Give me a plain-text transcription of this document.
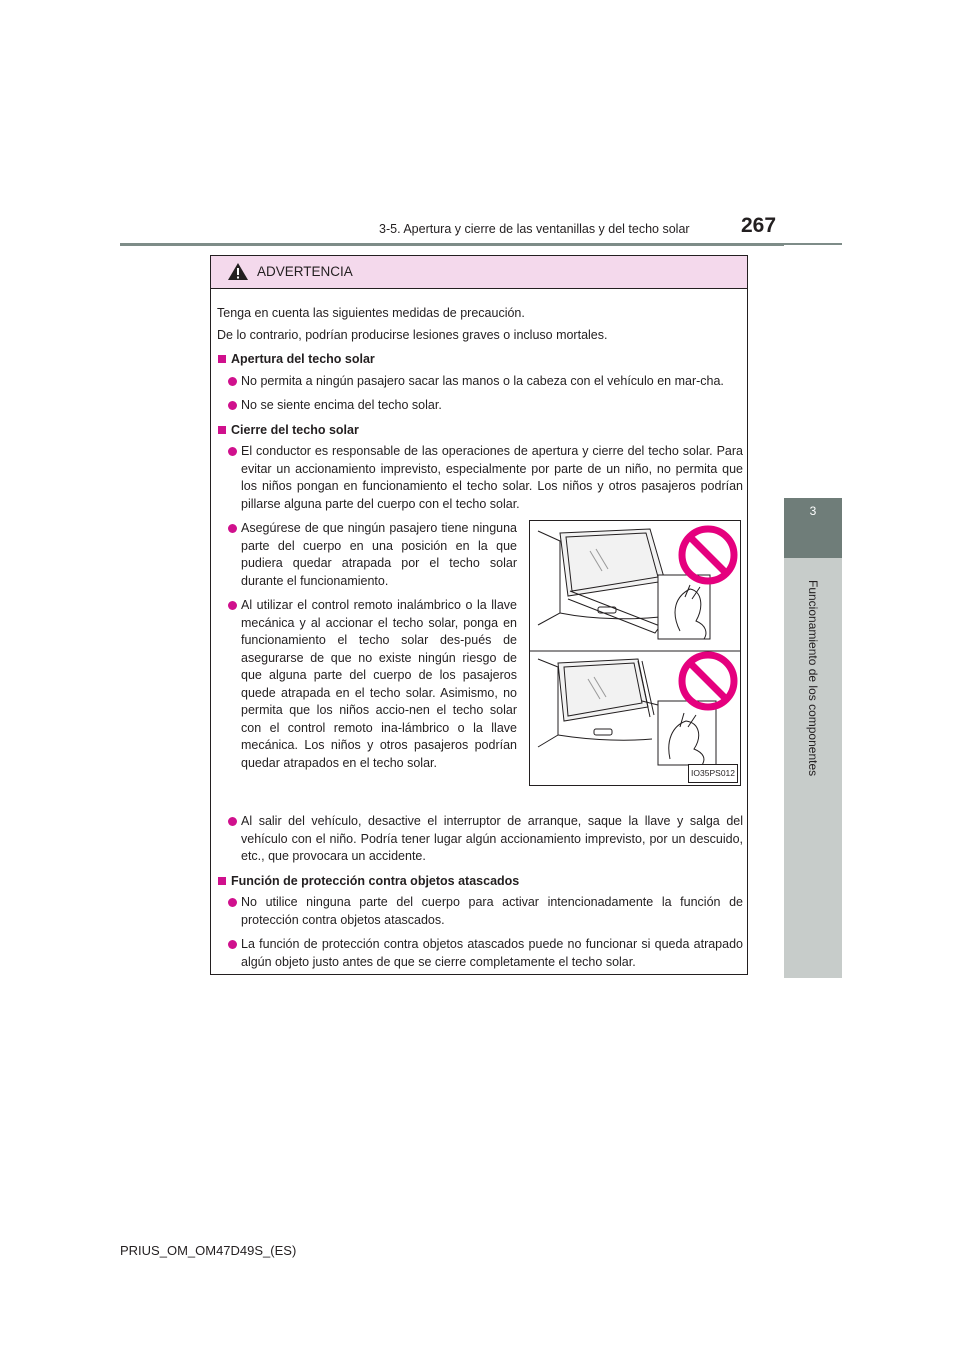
3-5. Apertura y cierre de las ventanillas y del techo solar 267
3
Funcionamiento de los componentes
ADVERTENCIA

Tenga en cuenta las siguientes medidas de precaución.

De lo contrario, podrían producirse lesiones graves o incluso mortales.

Apertura del techo solar
No permita a ningún pasajero sacar las manos o la cabeza con el vehículo en mar-cha.
No se siente encima del techo solar.
Cierre del techo solar
El conductor es responsable de las operaciones de apertura y cierre del techo solar. Para evitar un accionamiento imprevisto, especialmente por parte de un niño, no permita que los niños pongan en funcionamiento el techo solar. Los niños y otros pasajeros podrían pillarse alguna parte del cuerpo con el techo solar.
Asegúrese de que ningún pasajero tiene ninguna parte del cuerpo en una posición en la que pudiera quedar atrapada por el techo solar durante el funcionamiento.
Al utilizar el control remoto inalámbrico o la llave mecánica y al accionar el techo solar, ponga en funcionamiento el techo solar des-pués de asegurarse de que no existe ningún riesgo de que alguna parte del cuerpo de los pasajeros quede atrapada en el techo solar. Asimismo, no permita que los niños accio-nen el techo solar con el control remoto ina-lámbrico o la llave mecánica. Los niños y otros pasajeros podrían quedar atrapados en el techo solar.
IO35PS012
Al salir del vehículo, desactive el interruptor de arranque, saque la llave y salga del vehículo con el niño. Podría tener lugar algún accionamiento imprevisto, por un descuido, etc., que provocara un accidente.
Función de protección contra objetos atascados
No utilice ninguna parte del cuerpo para activar intencionadamente la función de protección contra objetos atascados.
La función de protección contra objetos atascados puede no funcionar si queda atrapado algún objeto justo antes de que se cierre completamente el techo solar.
PRIUS_OM_OM47D49S_(ES)
